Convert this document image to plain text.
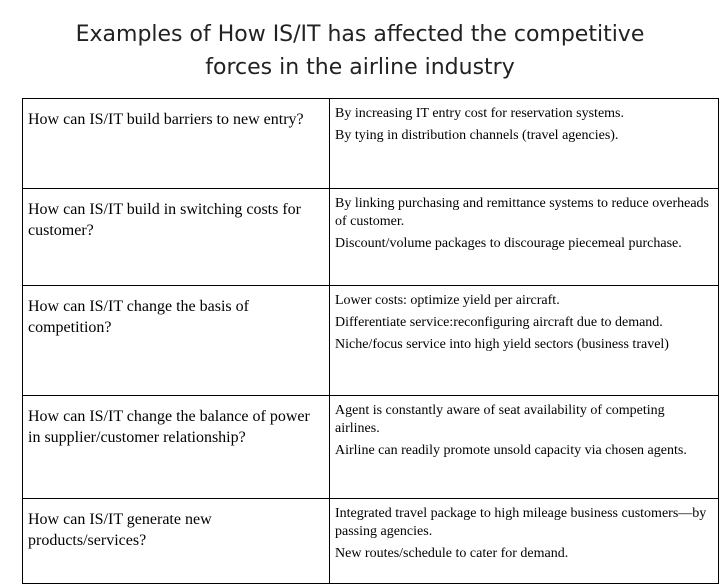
Examples of How IS/IT has affected the competitive
forces in the airline industry
How can IS/IT build barriers to new entry?	By increasing IT entry cost for reservation systems.
By tying in distribution channels (travel agencies).

How can IS/IT build in switching costs for customer?	By linking purchasing and remittance systems to reduce overheads of customer.
Discount/volume packages to discourage piecemeal purchase.

How can IS/IT change the basis of competition?	Lower costs: optimize yield per aircraft.
Differentiate service:reconfiguring aircraft due to demand.
Niche/focus service into high yield sectors (business travel)

How can IS/IT change the balance of power in supplier/customer relationship?	Agent is constantly aware of seat availability of competing airlines.
Airline can readily promote unsold capacity via chosen agents.

How can IS/IT generate new products/services?	Integrated travel package to high mileage business customers—by passing agencies.
New routes/schedule to cater for demand.
